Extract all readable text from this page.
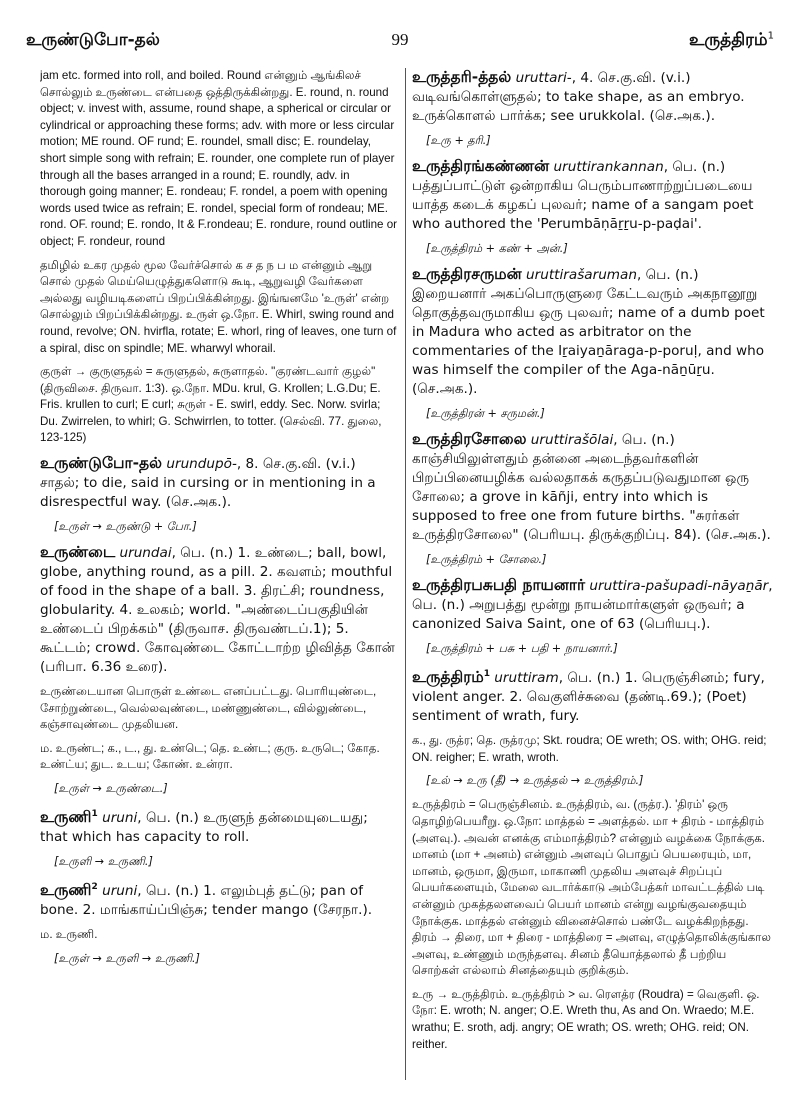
உருண்டுபோ-தல்	99	உருத்திரம்$^1$

jam etc. formed into roll, and boiled. Round என்னும் ஆங்கிலச் சொல்லும் உருண்டை என்பதை ஒத்திருக்கின்றது. E. round, n. round object; v. invest with, assume, round shape, a spherical or circular or cylindrical or approaching these forms; adv. with more or less circular motion; ME round. OF rund; E. roundel, small disc; E. roundelay, short simple song with refrain; E. rounder, one complete run of player through all the bases arranged in a round; E. roundly, adv. in thorough going manner; E. rondeau; F. rondel, a poem with opening words used twice as refrain; E. rondel, special form of rondeau; ME. rond. OF. round; E. rondo, It & F.rondeau; E. rondure, round outline or object; F. rondeur, round

தமிழில் உகர முதல் மூல வேர்ச்சொல் க ச த ந ப ம என்னும் ஆறு சொல் முதல் மெய்யெழுத்துகளொடு கூடி, ஆறுவழி வேர்களை அல்லது வழியடிகளைப் பிறப்பிக்கின்றது. இங்ஙனமே 'உருள்' என்ற சொல்லும் பிறப்பிக்கின்றது. உருள் ஒ.நோ. E. Whirl, swing round and round, revolve; ON. hvirfla, rotate; E. whorl, ring of leaves, one turn of a spiral, disc on spindle; ME. wharwyl whorail.

குருள் → குருளுதல் = சுருளுதல், சுருளாதல். "குரண்டவார் குழல்" (திருவிசை. திருவா. 1:3). ஒ.நோ. MDu. krul, G. Krollen; L.G.Du; E. Fris. krullen to curl; E curl; சுருள் - E. swirl, eddy. Sec. Norw. svirla; Du. Zwirrelen, to whirl; G. Schwirrlen, to totter. (செல்வி. 77. துலை, 123-125)

உருண்டுபோ-தல் urundupō-, 8. செ.கு.வி. (v.i.) சாதல்; to die, said in cursing or in mentioning in a disrespectful way. (செ.அக.).
[உருள் → உருண்டு + போ.]
உருண்டை urundai, பெ. (n.) 1. உண்டை; ball, bowl, globe, anything round, as a pill. 2. கவளம்; mouthful of food in the shape of a ball. 3. திரட்சி; roundness, globularity. 4. உலகம்; world. "அண்டைப்பகுதியின் உண்டைப் பிறக்கம்" (திருவாச. திருவண்டப்.1); 5. கூட்டம்; crowd. கோவுண்டை கோட்டாற்ற ழிவித்த கோன் (பரிபா. 6.36 உரை).

உருண்டையான பொருள் உண்டை எனப்பட்டது. பொரியுண்டை, சோற்றுண்டை, வெல்லவுண்டை, மண்ணுண்டை, வில்லுண்டை, கஞ்சாவுண்டை முதலியன.

ம. உருண்ட; க., ட., து. உண்டெ; தெ. உண்ட; குரு. உருடெ; கோத. உண்ட்ய; துட. உடய; கோண். உன்ரா.

[உருள் → உருண்டை.]
உருணி$^1$ uruni, பெ. (n.) உருளுந் தன்மையுடையது; that which has capacity to roll.
[உருளி → உருணி.]
உருணி$^2$ uruni, பெ. (n.) 1. எலும்புத் தட்டு; pan of bone. 2. மாங்காய்ப்பிஞ்சு; tender mango (சேரநா.).

ம. உருணி.

[உருள் → உருளி → உருணி.]
உருத்தரி-த்தல் uruttari-, 4. செ.கு.வி. (v.i.) வடிவங்கொள்ளுதல்; to take shape, as an embryo. உருக்கொளல் பார்க்க; see urukkolal. (செ.அக.).
[உரு + தரி.]
உருத்திரங்கண்ணன் uruttirankannan, பெ. (n.) பத்துப்பாட்டுள் ஒன்றாகிய பெரும்பாணாற்றுப்படையை யாத்த கடைக் கழகப் புலவர்; name of a sangam poet who authored the 'Perumbāṇāṟṟu-p-paḍai'.
[உருத்திரம் + கண் + அன்.]
உருத்திரசருமன் uruttirašaruman, பெ. (n.) இறையனார் அகப்பொருளுரை கேட்டவரும் அகநானூறு தொகுத்தவருமாகிய ஒரு புலவர்; name of a dumb poet in Madura who acted as arbitrator on the commentaries of the Iṟaiyaṉāraga-p-poruḷ, and who was himself the compiler of the Aga-nāṉūṟu.(செ.அக.).
[உருத்திரன் + சருமன்.]
உருத்திரசோலை uruttirašōlai, பெ. (n.) காஞ்சியிலுள்ளதும் தன்னை அடைந்தவர்களின் பிறப்பினையழிக்க வல்லதாகக் கருதப்படுவதுமான ஒரு சோலை; a grove in kāñji, entry into which is supposed to free one from future births. "சுரர்கள் உருத்திரசோலை" (பெரியபு. திருக்குறிப்பு. 84). (செ.அக.).
[உருத்திரம் + சோலை.]
உருத்திரபசுபதி நாயனார் uruttira-pašupadi-nāyaṉār, பெ. (n.) அறுபத்து மூன்று நாயன்மார்களுள் ஒருவர்; a canonized Saiva Saint, one of 63 (பெரியபு.).
[உருத்திரம் + பசு + பதி + நாயனார்.]
உருத்திரம்$^1$ uruttiram, பெ. (n.) 1. பெருஞ்சினம்; fury, violent anger. 2. வெகுளிச்சுவை (தண்டி.69.); (Poet) sentiment of wrath, fury.

க., து. ருத்ர; தெ. ருத்ரமு; Skt. roudra; OE wreth; OS. with; OHG. reid; ON. reigher; E. wrath, wroth.

[உல் → உரு (தீ) → உருத்தல் → உருத்திரம்.]

உருத்திரம் = பெருஞ்சினம். உருத்திரம், வ. (ருத்ர.). 'திரம்' ஒரு தொழிற்பெயரீறு. ஒ.நோ: மாத்தல் = அளத்தல். மா + திரம் - மாத்திரம் (அளவு.). அவன் எனக்கு எம்மாத்திரம்? என்னும் வழக்கை நோக்குக. மானம் (மா + அனம்) என்னும் அளவுப் பொதுப் பெயரையும், மா, மானம், ஒருமா, இருமா, மாகாணி முதலிய அளவுச் சிறப்புப் பெயர்களையும், மேலை வடார்க்காடு அம்பேத்கர் மாவட்டத்தில் படி என்னும் முகத்தலளவைப் பெயர் மானம் என்று வழங்குவதையும் நோக்குக. மாத்தல் என்னும் வினைச்சொல் பண்டே வழக்கிறந்தது. திரம் → திரை, மா + திரை - மாத்திரை = அளவு, எழுத்தொலிக்குங்கால அளவு, உண்ணும் மருந்தளவு. சினம் தீயொத்தலால் தீ பற்றிய சொற்கள் எல்லாம் சினத்தையும் குறிக்கும்.

உரு → உருத்திரம். உருத்திரம் > வ. ரௌத்ர (Roudra) = வெகுளி. ஒ. நோ: E. wroth; N. anger; O.E. Wreth thu, As and On. Wraedo; M.E. wrathu; E. sroth, adj. angry; OE wrath; OS. wreth; OHG. reid; ON. reither.
